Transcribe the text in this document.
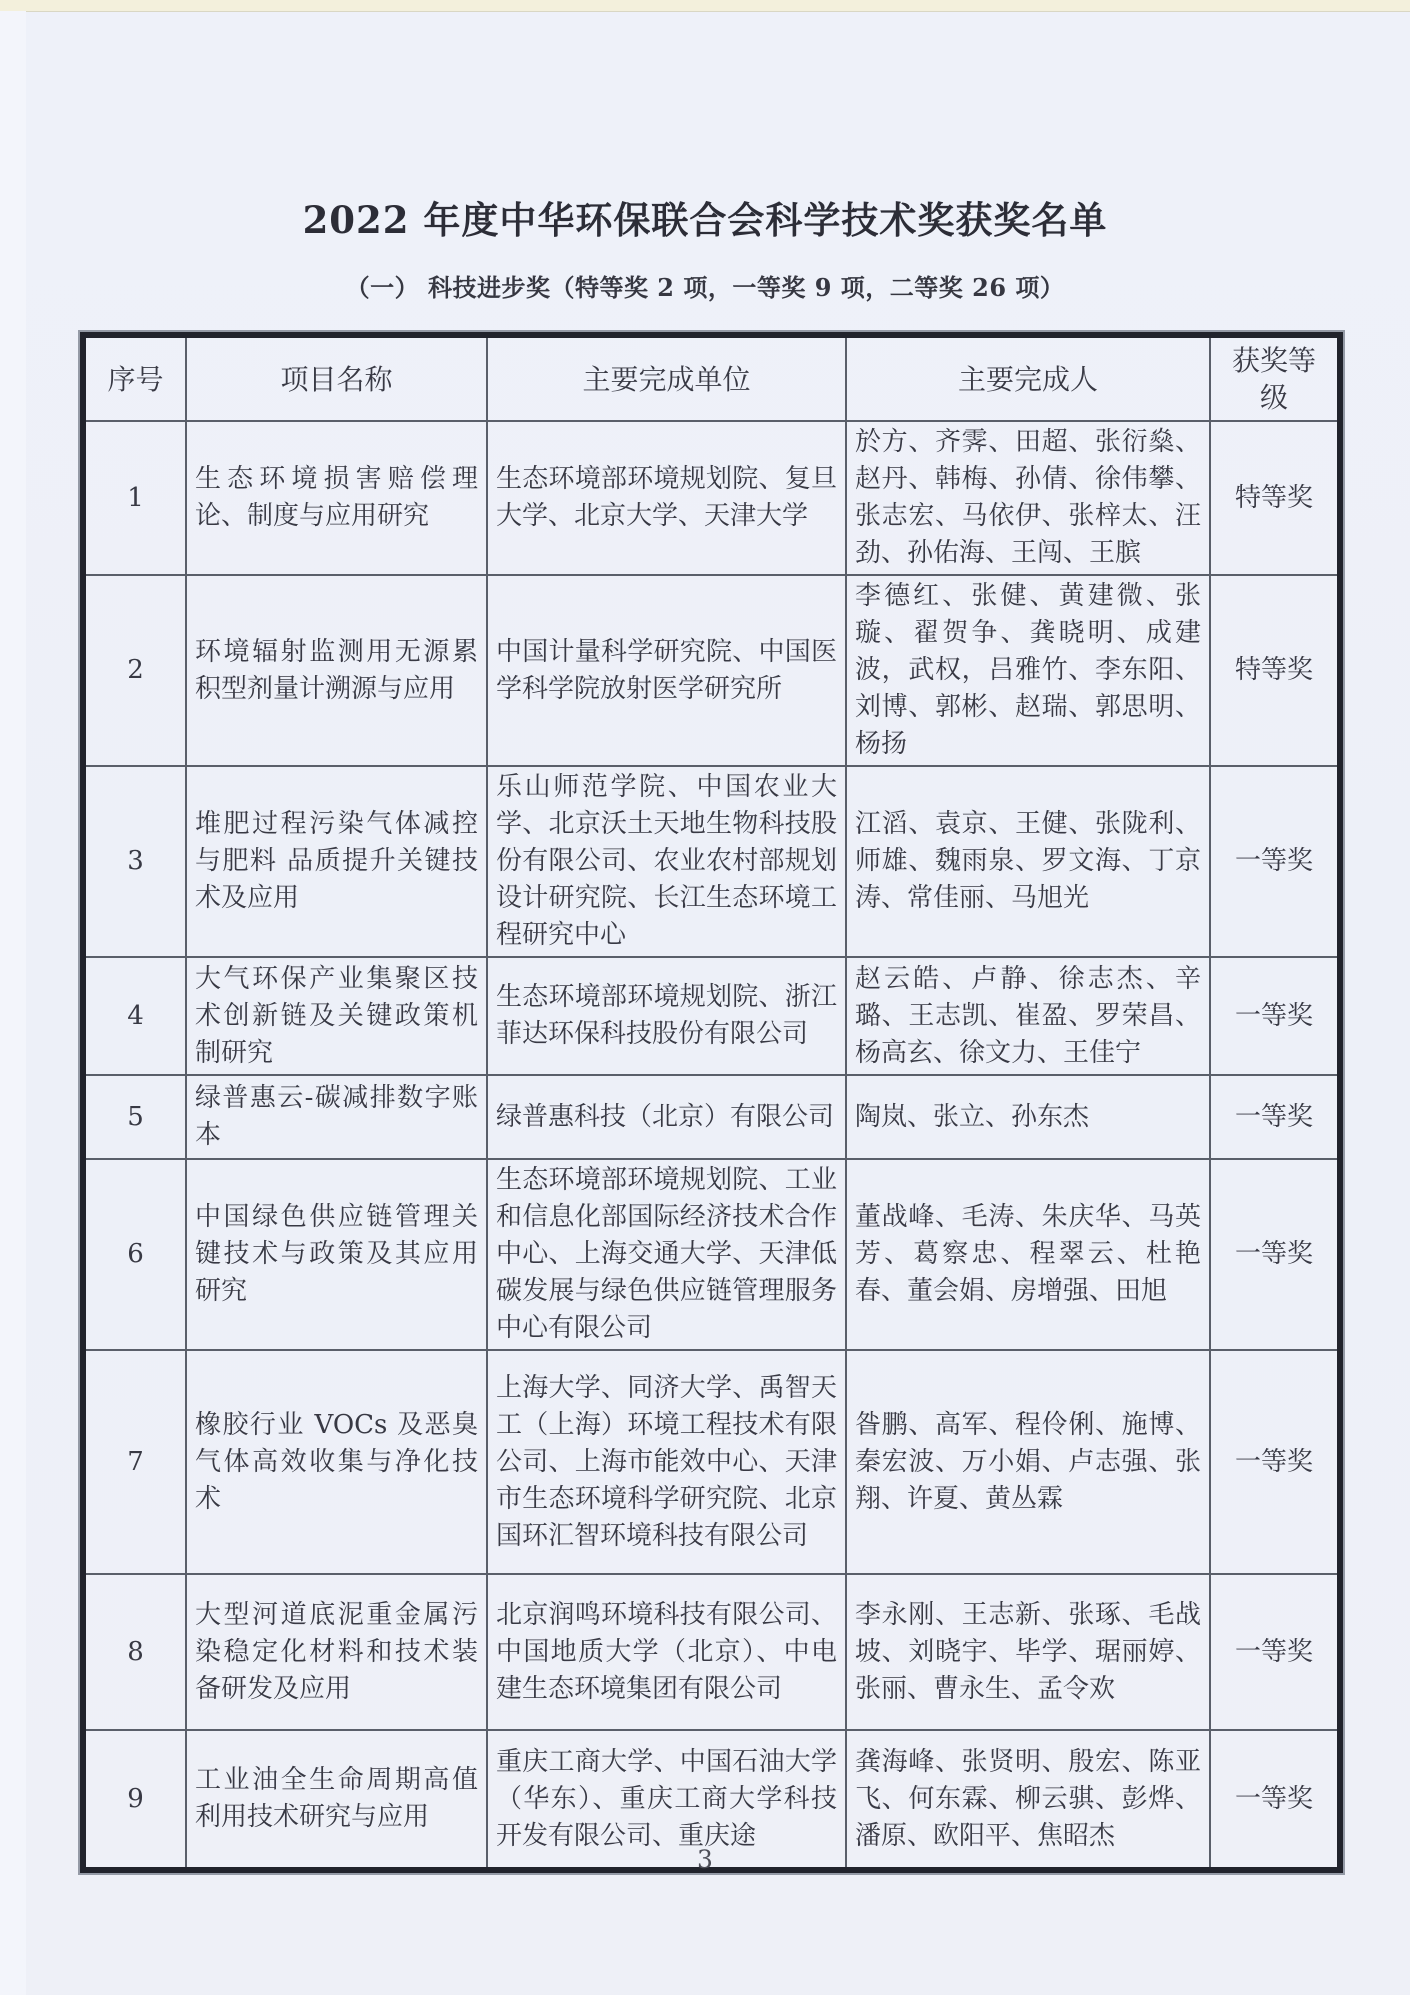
2022 年度中华环保联合会科学技术奖获奖名单
（一） 科技进步奖（特等奖 2 项，一等奖 9 项，二等奖 26 项）
序号	项目名称	主要完成单位	主要完成人	获奖等级
1	生态环境损害赔偿理论、制度与应用研究	生态环境部环境规划院、复旦大学、北京大学、天津大学	於方、齐霁、田超、张衍燊、赵丹、韩梅、孙倩、徐伟攀、张志宏、马依伊、张梓太、汪劲、孙佑海、王闯、王膑	特等奖
2	环境辐射监测用无源累积型剂量计溯源与应用	中国计量科学研究院、中国医学科学院放射医学研究所	李德红、张健、黄建微、张璇、翟贺争、龚晓明、成建波，武权，吕雅竹、李东阳、刘博、郭彬、赵瑞、郭思明、杨扬	特等奖
3	堆肥过程污染气体减控与肥料 品质提升关键技术及应用	乐山师范学院、中国农业大学、北京沃土天地生物科技股份有限公司、农业农村部规划设计研究院、长江生态环境工程研究中心	江滔、袁京、王健、张陇利、师雄、魏雨泉、罗文海、丁京涛、常佳丽、马旭光	一等奖
4	大气环保产业集聚区技术创新链及关键政策机制研究	生态环境部环境规划院、浙江菲达环保科技股份有限公司	赵云皓、卢静、徐志杰、辛璐、王志凯、崔盈、罗荣昌、杨高玄、徐文力、王佳宁	一等奖
5	绿普惠云-碳减排数字账本	绿普惠科技（北京）有限公司	陶岚、张立、孙东杰	一等奖
6	中国绿色供应链管理关键技术与政策及其应用研究	生态环境部环境规划院、工业和信息化部国际经济技术合作中心、上海交通大学、天津低碳发展与绿色供应链管理服务中心有限公司	董战峰、毛涛、朱庆华、马英芳、葛察忠、程翠云、杜艳春、董会娟、房增强、田旭	一等奖
7	橡胶行业 VOCs 及恶臭气体高效收集与净化技术	上海大学、同济大学、禹智天工（上海）环境工程技术有限公司、上海市能效中心、天津市生态环境科学研究院、北京国环汇智环境科技有限公司	昝鹏、高军、程伶俐、施博、秦宏波、万小娟、卢志强、张翔、许夏、黄丛霖	一等奖
8	大型河道底泥重金属污染稳定化材料和技术装备研发及应用	北京润鸣环境科技有限公司、中国地质大学（北京）、中电建生态环境集团有限公司	李永刚、王志新、张琢、毛战坡、刘晓宇、毕学、琚丽婷、张丽、曹永生、孟令欢	一等奖
9	工业油全生命周期高值利用技术研究与应用	重庆工商大学、中国石油大学（华东）、重庆工商大学科技开发有限公司、重庆途	龚海峰、张贤明、殷宏、陈亚飞、何东霖、柳云骐、彭烨、潘原、欧阳平、焦昭杰	一等奖
3
